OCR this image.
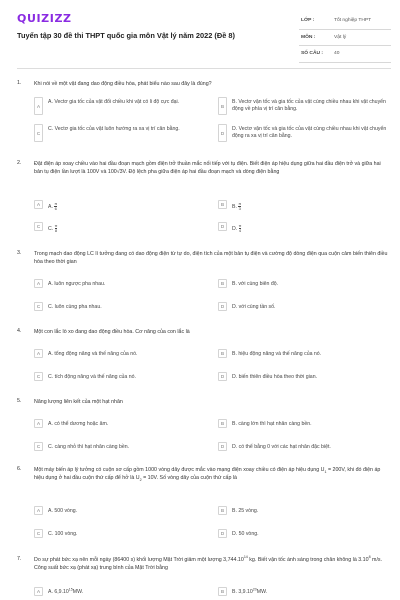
QUIZIZZ
Tuyển tập 30 đề thi THPT quốc gia môn Vật lý năm 2022 (Đề 8)
LỚP :	Tốt nghiệp THPT
MÔN :	Vật lý
SỐ CÂU :	40
1. Khi nói về một vật đang dao động điều hòa, phát biểu nào sau đây là đúng?
A
A. Vectơ gia tốc của vật đổi chiều khi vật có li độ cực đại.
B
B. Vectơ vận tốc và gia tốc của vật cùng chiều nhau khi vật chuyển động về phía vị trí cân bằng.
C
C. Vectơ gia tốc của vật luôn hướng ra xa vị trí cân bằng.
D
D. Vectơ vận tốc và gia tốc của vật cùng chiều nhau khi vật chuyển động ra xa vị trí cân bằng.
2. Đặt điện áp xoay chiều vào hai đầu đoạn mạch gồm điện trở thuần mắc nối tiếp với tụ điện. Biết điện áp hiệu dụng giữa hai đầu điện trở và giữa hai bản tụ điện lần lượt là 100V và 100√3V. Độ lệch pha giữa điện áp hai đầu đoạn mạch và dòng điện bằng
A	A. $\frac{\pi}{6}$	B	B. $\frac{\pi}{3}$
C	C. $\frac{\pi}{8}$	D	D. $\frac{\pi}{4}$
3. Trong mạch dao động LC lí tưởng đang có dao động điện từ tự do, điện tích của một bản tụ điện và cường độ dòng điện qua cuộn cảm biến thiên điều hòa theo thời gian
A	A. luôn ngược pha nhau.	B	B. với cùng biên độ.
C	C. luôn cùng pha nhau.	D	D. với cùng tần số.
4. Một con lắc lò xo đang dao động điều hòa. Cơ năng của con lắc là
A	A. tổng động năng và thế năng của nó.	B	B. hiệu động năng và thế năng của nó.
C	C. tích động năng và thế năng của nó.	D	D. biến thiên điều hòa theo thời gian.
5. Năng lượng liên kết của một hạt nhân
A	A. có thể dương hoặc âm.	B	B. càng lớn thì hạt nhân càng bền.
C	C. càng nhỏ thì hạt nhân càng bền.	D	D. có thể bằng 0 với các hạt nhân đặc biệt.
6. Một máy biến áp lý tưởng có cuộn sơ cấp gồm 1000 vòng dây được mắc vào mạng điện xoay chiều có điện áp hiệu dụng $U_1 = 200V$, khi đó điện áp hiệu dụng ở hai đầu cuộn thứ cấp để hở là $U_2 = 10V$. Số vòng dây của cuộn thứ cấp là
A	A. 500 vòng.	B	B. 25 vòng.
C	C. 100 vòng.	D	D. 50 vòng.
7. Do sự phát bức xạ nên mỗi ngày (86400 s) khối lượng Mặt Trời giảm một lượng 3,744.10$^{14}$ kg. Biết vận tốc ánh sáng trong chân không là 3.10$^8$ m/s. Công suất bức xạ (phát xạ) trung bình của Mặt Trời bằng
A	A. 6,9.10$^{15}$MW.	B	B. 3,9.10$^{20}$MW.
